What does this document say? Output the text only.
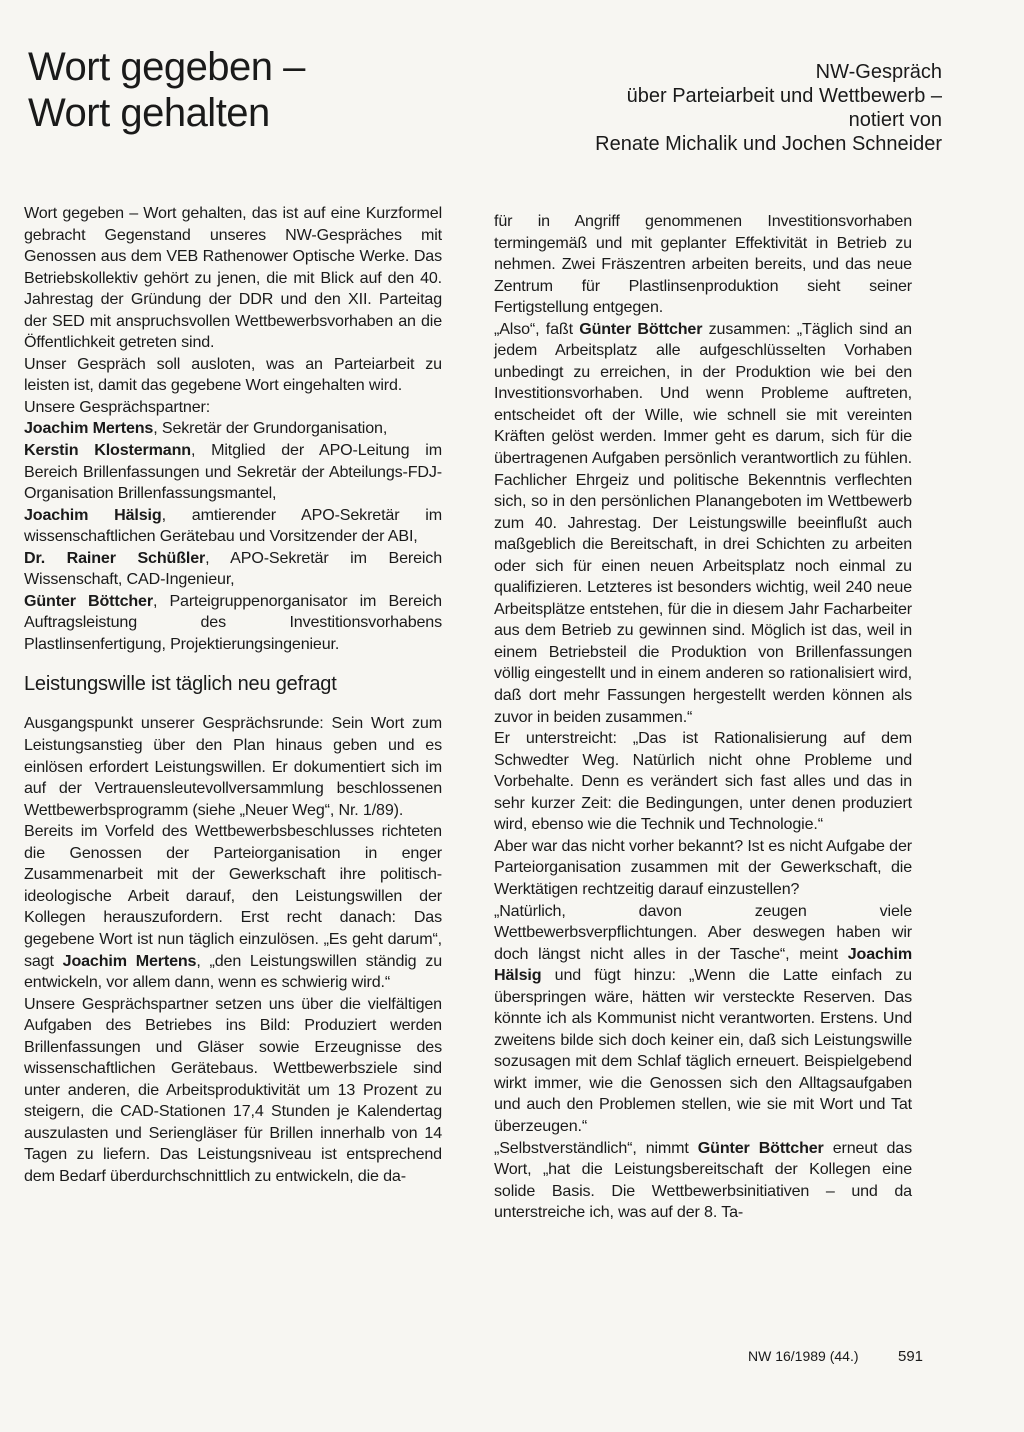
Wort gegeben –
Wort gehalten
NW-Gespräch
über Parteiarbeit und Wettbewerb –
notiert von
Renate Michalik und Jochen Schneider

Wort gegeben – Wort gehalten, das ist auf eine Kurzformel gebracht Gegenstand unseres NW-Gespräches mit Genossen aus dem VEB Rathenower Optische Werke. Das Betriebskollektiv gehört zu jenen, die mit Blick auf den 40. Jahrestag der Gründung der DDR und den XII. Parteitag der SED mit anspruchsvollen Wettbewerbsvorhaben an die Öffentlichkeit getreten sind.

Unser Gespräch soll ausloten, was an Parteiarbeit zu leisten ist, damit das gegebene Wort eingehalten wird.

Unsere Gesprächspartner:

Joachim Mertens, Sekretär der Grundorganisation,

Kerstin Klostermann, Mitglied der APO-Leitung im Bereich Brillenfassungen und Sekretär der Abteilungs-FDJ-Organisation Brillenfassungsmantel,

Joachim Hälsig, amtierender APO-Sekretär im wissenschaftlichen Gerätebau und Vorsitzender der ABI,

Dr. Rainer Schüßler, APO-Sekretär im Bereich Wissenschaft, CAD-Ingenieur,

Günter Böttcher, Parteigruppenorganisator im Bereich Auftragsleistung des Investitionsvorhabens Plastlinsenfertigung, Projektierungsingenieur.

Leistungswille ist täglich neu gefragt

Ausgangspunkt unserer Gesprächsrunde: Sein Wort zum Leistungsanstieg über den Plan hinaus geben und es einlösen erfordert Leistungswillen. Er dokumentiert sich im auf der Vertrauensleutevollversammlung beschlossenen Wettbewerbsprogramm (siehe „Neuer Weg“, Nr. 1/89).

Bereits im Vorfeld des Wettbewerbsbeschlusses richteten die Genossen der Parteiorganisation in enger Zusammenarbeit mit der Gewerkschaft ihre politisch-ideologische Arbeit darauf, den Leistungswillen der Kollegen herauszufordern. Erst recht danach: Das gegebene Wort ist nun täglich einzulösen. „Es geht darum“, sagt Joachim Mertens, „den Leistungswillen ständig zu entwickeln, vor allem dann, wenn es schwierig wird.“

Unsere Gesprächspartner setzen uns über die vielfältigen Aufgaben des Betriebes ins Bild: Produziert werden Brillenfassungen und Gläser sowie Erzeugnisse des wissenschaftlichen Gerätebaus. Wettbewerbsziele sind unter anderen, die Arbeitsproduktivität um 13 Prozent zu steigern, die CAD-Stationen 17,4 Stunden je Kalendertag auszulasten und Seriengläser für Brillen innerhalb von 14 Tagen zu liefern. Das Leistungsniveau ist entsprechend dem Bedarf überdurchschnittlich zu entwickeln, die da-

für in Angriff genommenen Investitionsvorhaben termingemäß und mit geplanter Effektivität in Betrieb zu nehmen. Zwei Fräszentren arbeiten bereits, und das neue Zentrum für Plastlinsenproduktion sieht seiner Fertigstellung entgegen.

„Also“, faßt Günter Böttcher zusammen: „Täglich sind an jedem Arbeitsplatz alle aufgeschlüsselten Vorhaben unbedingt zu erreichen, in der Produktion wie bei den Investitionsvorhaben. Und wenn Probleme auftreten, entscheidet oft der Wille, wie schnell sie mit vereinten Kräften gelöst werden. Immer geht es darum, sich für die übertragenen Aufgaben persönlich verantwortlich zu fühlen. Fachlicher Ehrgeiz und politische Bekenntnis verflechten sich, so in den persönlichen Planangeboten im Wettbewerb zum 40. Jahrestag. Der Leistungswille beeinflußt auch maßgeblich die Bereitschaft, in drei Schichten zu arbeiten oder sich für einen neuen Arbeitsplatz noch einmal zu qualifizieren. Letzteres ist besonders wichtig, weil 240 neue Arbeitsplätze entstehen, für die in diesem Jahr Facharbeiter aus dem Betrieb zu gewinnen sind. Möglich ist das, weil in einem Betriebsteil die Produktion von Brillenfassungen völlig eingestellt und in einem anderen so rationalisiert wird, daß dort mehr Fassungen hergestellt werden können als zuvor in beiden zusammen.“

Er unterstreicht: „Das ist Rationalisierung auf dem Schwedter Weg. Natürlich nicht ohne Probleme und Vorbehalte. Denn es verändert sich fast alles und das in sehr kurzer Zeit: die Bedingungen, unter denen produziert wird, ebenso wie die Technik und Technologie.“

Aber war das nicht vorher bekannt? Ist es nicht Aufgabe der Parteiorganisation zusammen mit der Gewerkschaft, die Werktätigen rechtzeitig darauf einzustellen?

„Natürlich, davon zeugen viele Wettbewerbsverpflichtungen. Aber deswegen haben wir doch längst nicht alles in der Tasche“, meint Joachim Hälsig und fügt hinzu: „Wenn die Latte einfach zu überspringen wäre, hätten wir versteckte Reserven. Das könnte ich als Kommunist nicht verantworten. Erstens. Und zweitens bilde sich doch keiner ein, daß sich Leistungswille sozusagen mit dem Schlaf täglich erneuert. Beispielgebend wirkt immer, wie die Genossen sich den Alltagsaufgaben und auch den Problemen stellen, wie sie mit Wort und Tat überzeugen.“

„Selbstverständlich“, nimmt Günter Böttcher erneut das Wort, „hat die Leistungsbereitschaft der Kollegen eine solide Basis. Die Wettbewerbsinitiativen – und da unterstreiche ich, was auf der 8. Ta-

NW 16/1989 (44.)	591
